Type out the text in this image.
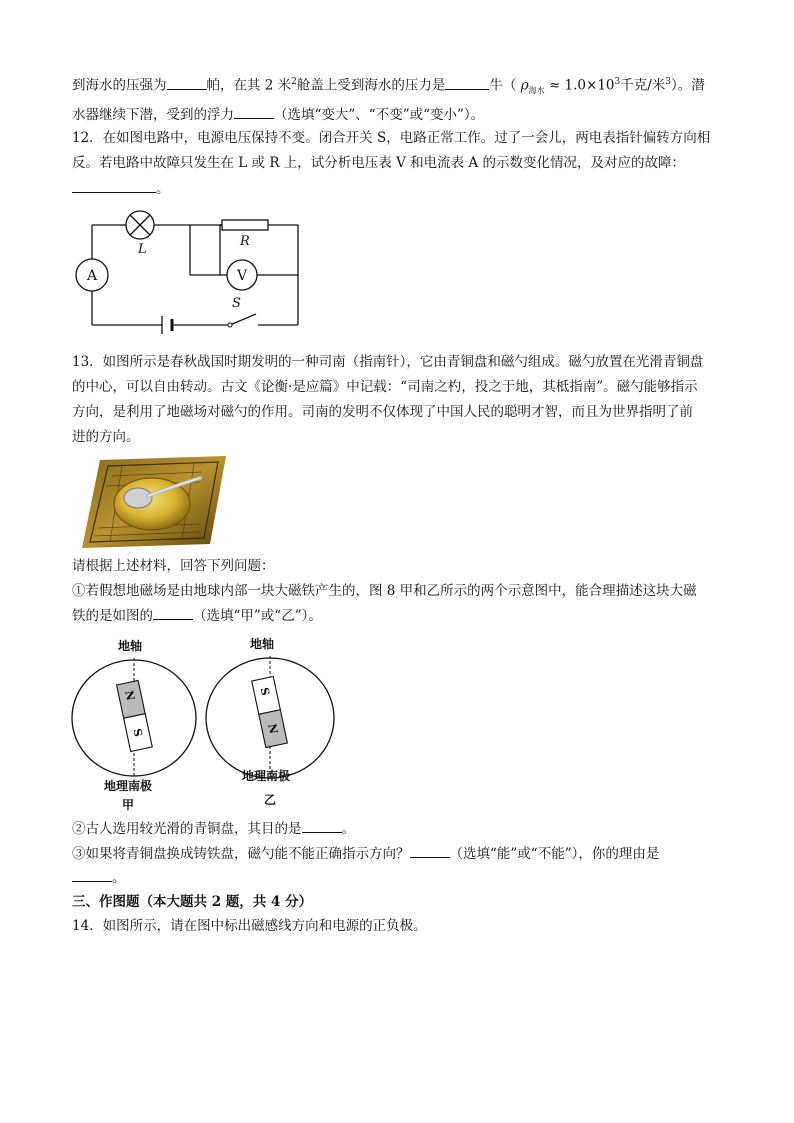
到海水的压强为	帕，在其 2 米$^2$舱盖上受到海水的压力是	牛（ $\rho_{海水} \approx 1.0\times 10^3$千克/米$^3$）。潜
水器继续下潜，受到的浮力	（选填“变大”、“不变”或“变小”）。
12．在如图电路中，电源电压保持不变。闭合开关 S，电路正常工作。过了一会儿，两电表指针偏转方向相
反。若电路中故障只发生在 L 或 R 上，试分析电压表 V 和电流表 A 的示数变化情况，及对应的故障：
。
A	V
L
R
S
13．如图所示是春秋战国时期发明的一种司南（指南针），它由青铜盘和磁勺组成。磁勺放置在光滑青铜盘
的中心，可以自由转动。古文《论衡·是应篇》中记载：“司南之杓，投之于地，其柢指南”。磁勺能够指示
方向，是利用了地磁场对磁勺的作用。司南的发明不仅体现了中国人民的聪明才智，而且为世界指明了前
进的方向。
请根据上述材料，回答下列问题：
①若假想地磁场是由地球内部一块大磁铁产生的，图 8 甲和乙所示的两个示意图中，能合理描述这块大磁
铁的是如图的	（选填“甲”或“乙”）。
地轴
N
S
地理南极
甲
地轴
S
N
地理南极
乙
②古人选用较光滑的青铜盘，其目的是	。
③如果将青铜盘换成铸铁盘，磁勺能不能正确指示方向？	（选填“能”或“不能”），你的理由是
。
三、作图题（本大题共 2 题，共 4 分）
14．如图所示，请在图中标出磁感线方向和电源的正负极。
